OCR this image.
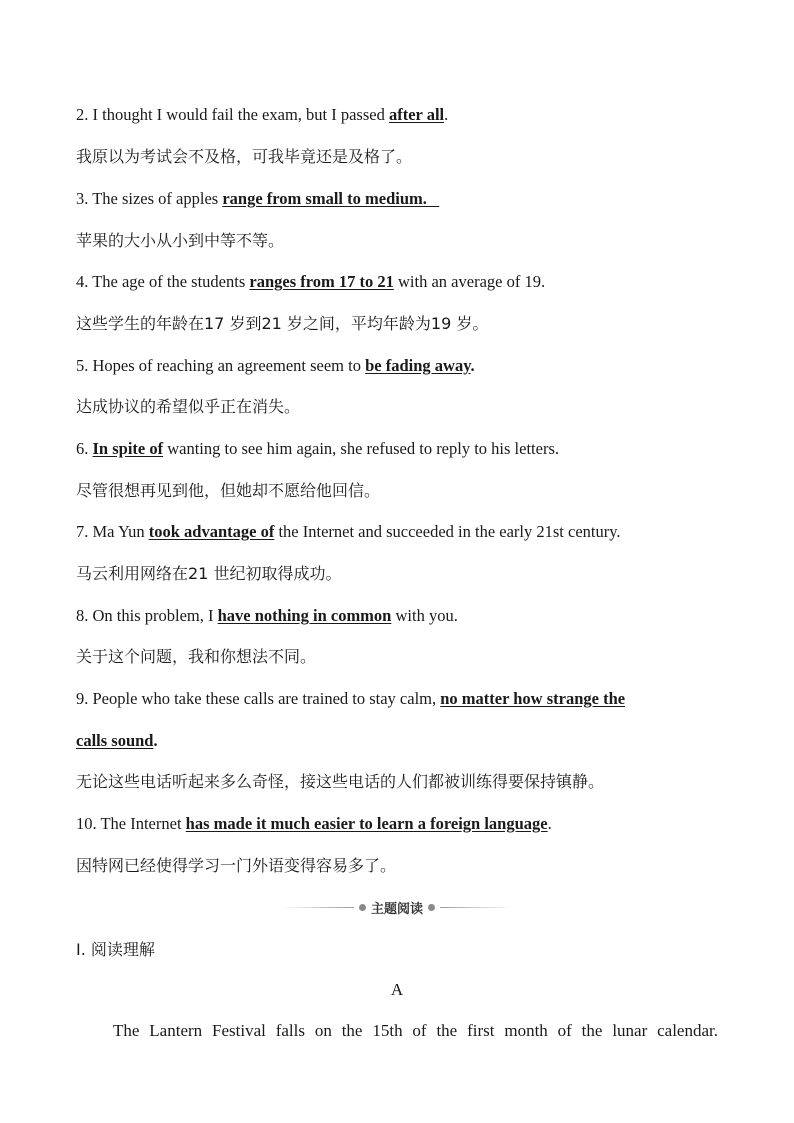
2. I thought I would fail the exam, but I passed after all.
我原以为考试会不及格，可我毕竟还是及格了。
3. The sizes of apples range from small to medium.
苹果的大小从小到中等不等。
4. The age of the students ranges from 17 to 21 with an average of 19.
这些学生的年龄在17 岁到21 岁之间，平均年龄为19 岁。
5. Hopes of reaching an agreement seem to be fading away.
达成协议的希望似乎正在消失。
6. In spite of wanting to see him again, she refused to reply to his letters.
尽管很想再见到他，但她却不愿给他回信。
7. Ma Yun took advantage of the Internet and succeeded in the early 21st century.
马云利用网络在21 世纪初取得成功。
8. On this problem, I have nothing in common with you.
关于这个问题，我和你想法不同。
9. People who take these calls are trained to stay calm, no matter how strange the
calls sound.
无论这些电话听起来多么奇怪，接这些电话的人们都被训练得要保持镇静。
10. The Internet has made it much easier to learn a foreign language.
因特网已经使得学习一门外语变得容易多了。
主题阅读
Ⅰ. 阅读理解
A
The Lantern Festival falls on the 15th of the first month of the lunar calendar.
